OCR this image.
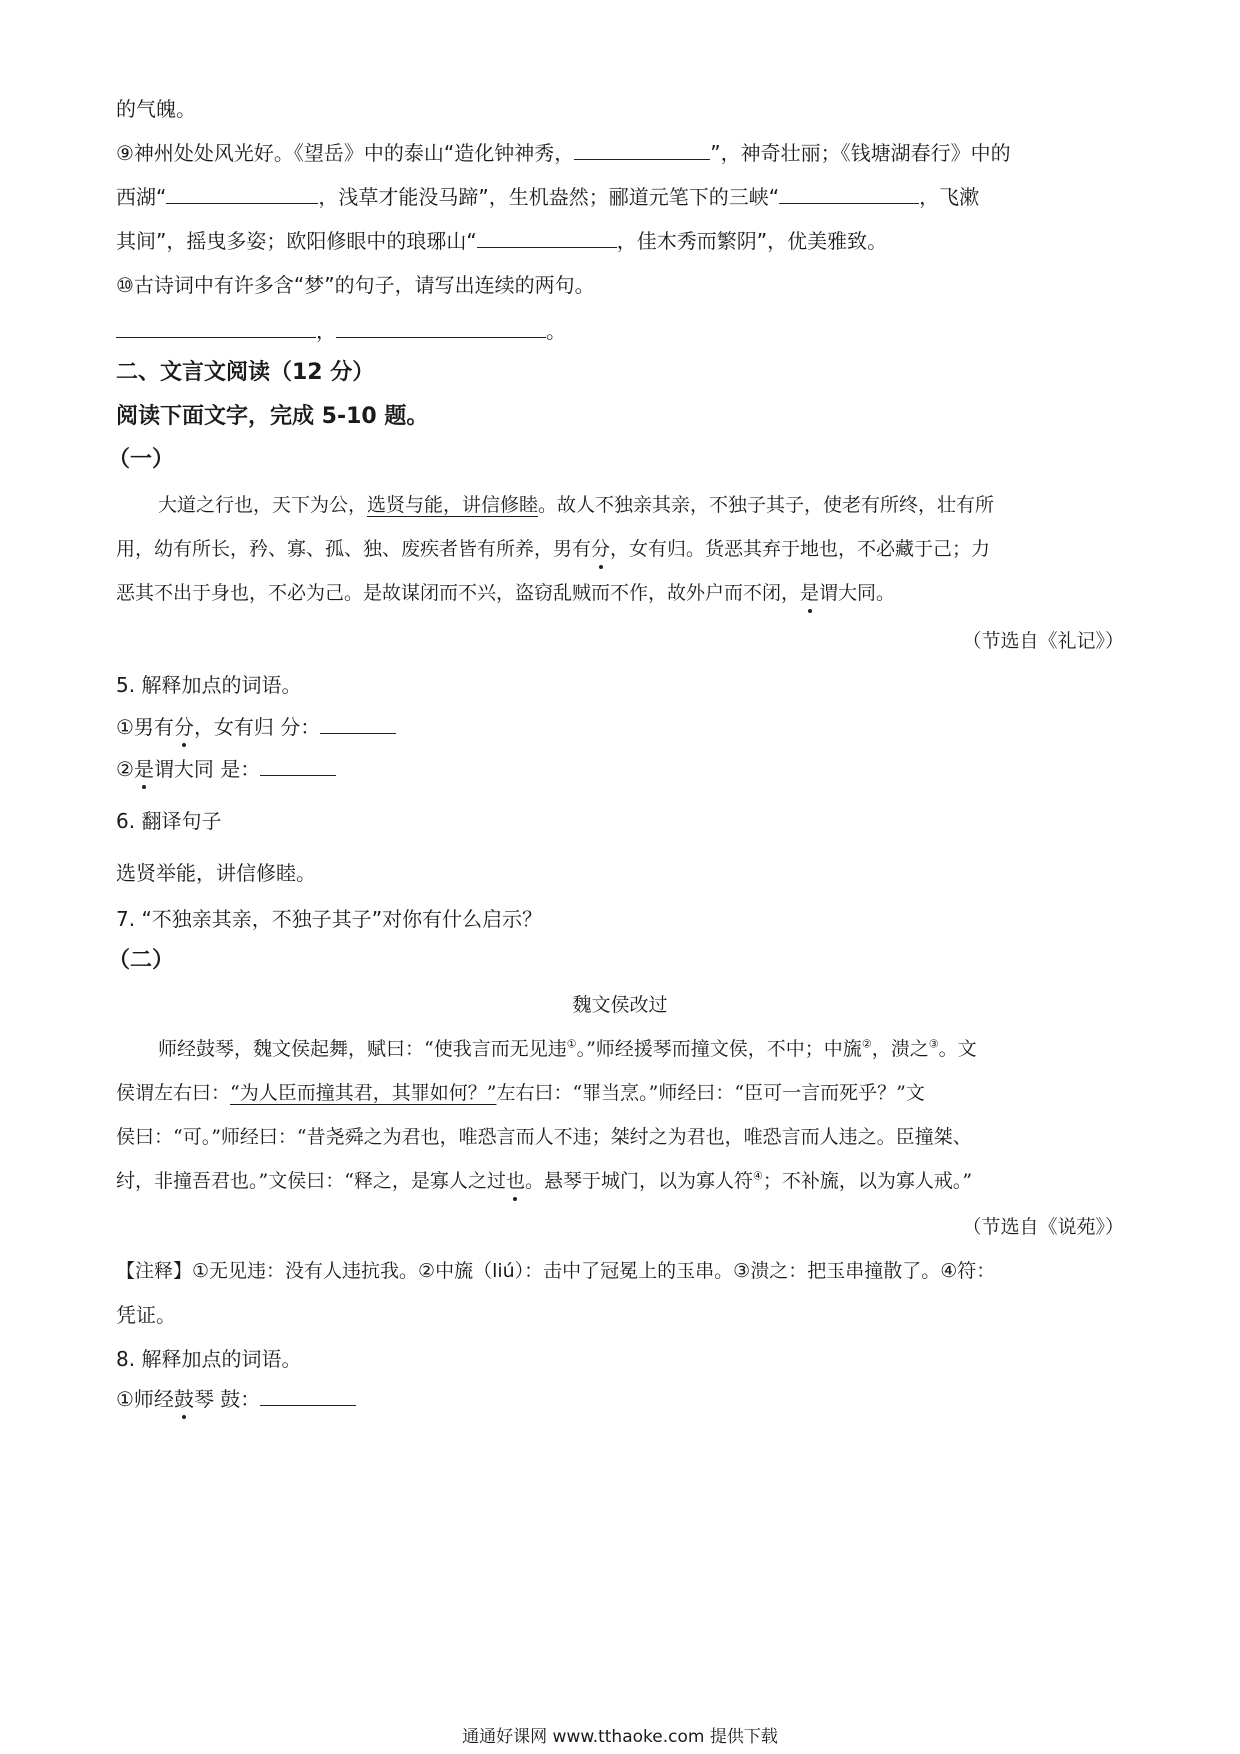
的气魄。
⑨神州处处风光好。《望岳》中的泰山“造化钟神秀，	”，神奇壮丽；《钱塘湖春行》中的
西湖“	，浅草才能没马蹄”，生机盎然；郦道元笔下的三峡“	，飞漱
其间”，摇曳多姿；欧阳修眼中的琅琊山“	，佳木秀而繁阴”，优美雅致。
⑩古诗词中有许多含“梦”的句子，请写出连续的两句。
，	。
二、文言文阅读（12 分）
阅读下面文字，完成 5-10 题。
（一）
大道之行也，天下为公，选贤与能，讲信修睦。故人不独亲其亲，不独子其子，使老有所终，壮有所
用，幼有所长，矜、寡、孤、独、废疾者皆有所养，男有分，女有归。货恶其弃于地也，不必藏于己；力
恶其不出于身也，不必为己。是故谋闭而不兴，盗窃乱贼而不作，故外户而不闭，是谓大同。
（节选自《礼记》）
5. 解释加点的词语。
①男有分，女有归 分：
②是谓大同 是：
6. 翻译句子
选贤举能，讲信修睦。
7. “不独亲其亲，不独子其子”对你有什么启示？
（二）
魏文侯改过
师经鼓琴，魏文侯起舞，赋曰：“使我言而无见违①。”师经援琴而撞文侯，不中；中旒②，溃之③。文
侯谓左右曰：“为人臣而撞其君，其罪如何？”左右曰：“罪当烹。”师经曰：“臣可一言而死乎？”文
侯曰：“可。”师经曰：“昔尧舜之为君也，唯恐言而人不违；桀纣之为君也，唯恐言而人违之。臣撞桀、
纣，非撞吾君也。”文侯曰：“释之，是寡人之过也。悬琴于城门，以为寡人符④；不补旒，以为寡人戒。”
（节选自《说苑》）
【注释】①无见违：没有人违抗我。②中旒（liú）：击中了冠冕上的玉串。③溃之：把玉串撞散了。④符：
凭证。
8. 解释加点的词语。
①师经鼓琴 鼓：
通通好课网 www.tthaoke.com 提供下载
